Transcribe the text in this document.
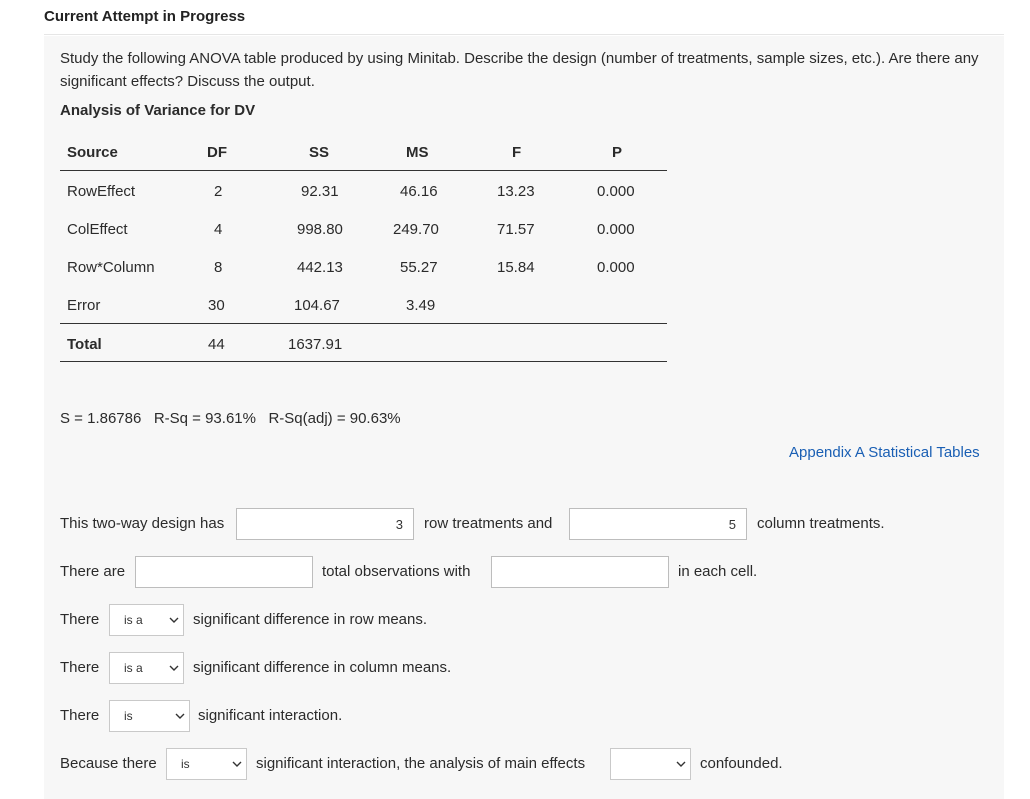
Current Attempt in Progress
Study the following ANOVA table produced by using Minitab. Describe the design (number of treatments, sample sizes, etc.). Are there any significant effects? Discuss the output.
Analysis of Variance for DV
Source	DF	SS	MS	F	P
RowEffect	2	92.31	46.16	13.23	0.000
ColEffect	4	998.80	249.70	71.57	0.000
Row*Column	8	442.13	55.27	15.84	0.000
Error	30	104.67	3.49
Total	44	1637.91
S = 1.86786   R-Sq = 93.61%   R-Sq(adj) = 90.63%
Appendix A Statistical Tables
This two-way design has	3	row treatments and	5	column treatments.
There are	total observations with	in each cell.
There	is a	significant difference in row means.
There	is a	significant difference in column means.
There	is	significant interaction.
Because there	is	significant interaction, the analysis of main effects	confounded.
